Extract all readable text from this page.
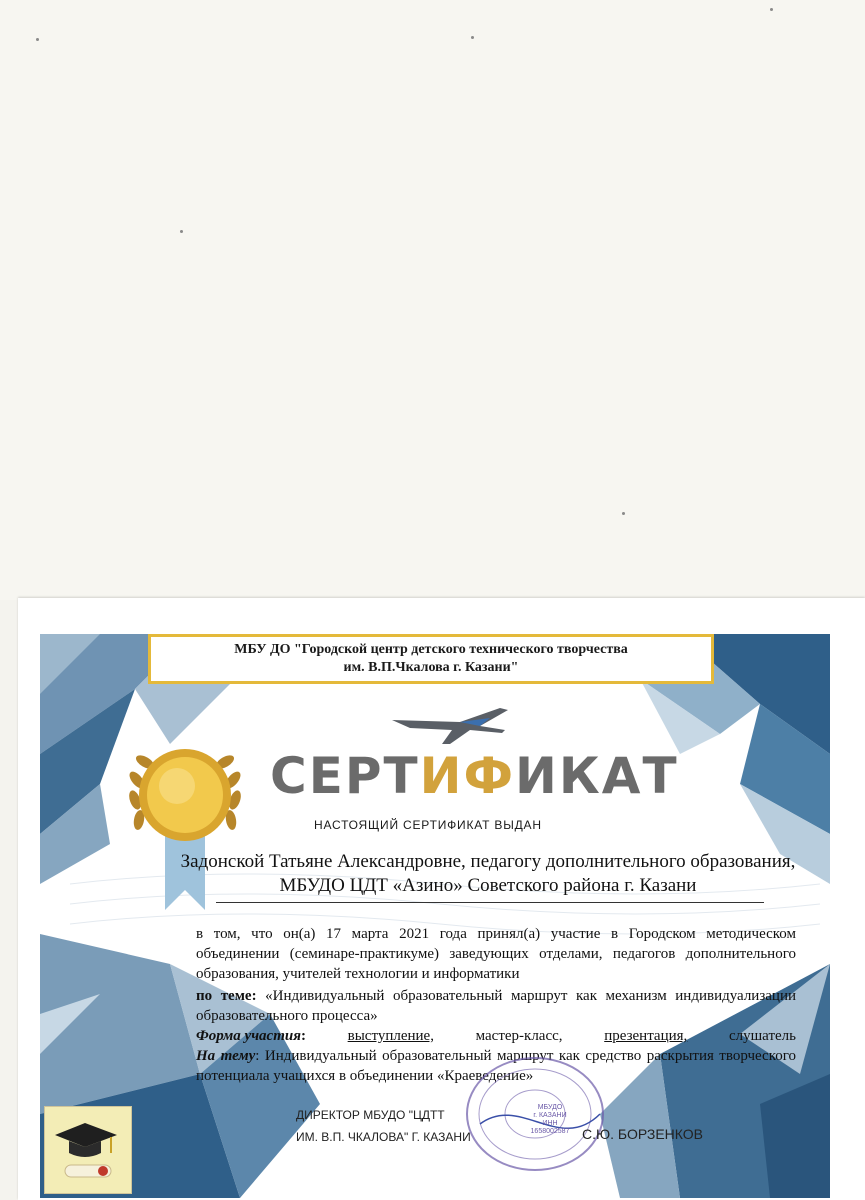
МБУ ДО "Городской центр детского технического творчества
им. В.П.Чкалова г. Казани"
СЕРТИФИКАТ
НАСТОЯЩИЙ СЕРТИФИКАТ ВЫДАН
Задонской Татьяне Александровне, педагогу дополнительного образования,
МБУДО ЦДТ «Азино» Советского района г. Казани

в том, что он(а) 17 марта 2021 года принял(а) участие в Городском методическом объединении (семинаре-практикуме) заведующих отделами, педагогов дополнительного образования, учителей технологии и информатики

по теме: «Индивидуальный образовательный маршрут как механизм индивидуализации образовательного процесса»

Форма участия:	выступление,	мастер-класс,	презентация,	слушатель

На тему: Индивидуальный образовательный маршрут как средство раскрытия творческого потенциала учащихся в объединении «Краеведение»

МБУДО
г. КАЗАНИ
ИНН
1658002587
ДИРЕКТОР МБУДО "ЦДТТ
ИМ. В.П. ЧКАЛОВА" Г. КАЗАНИ	С.Ю. БОРЗЕНКОВ
